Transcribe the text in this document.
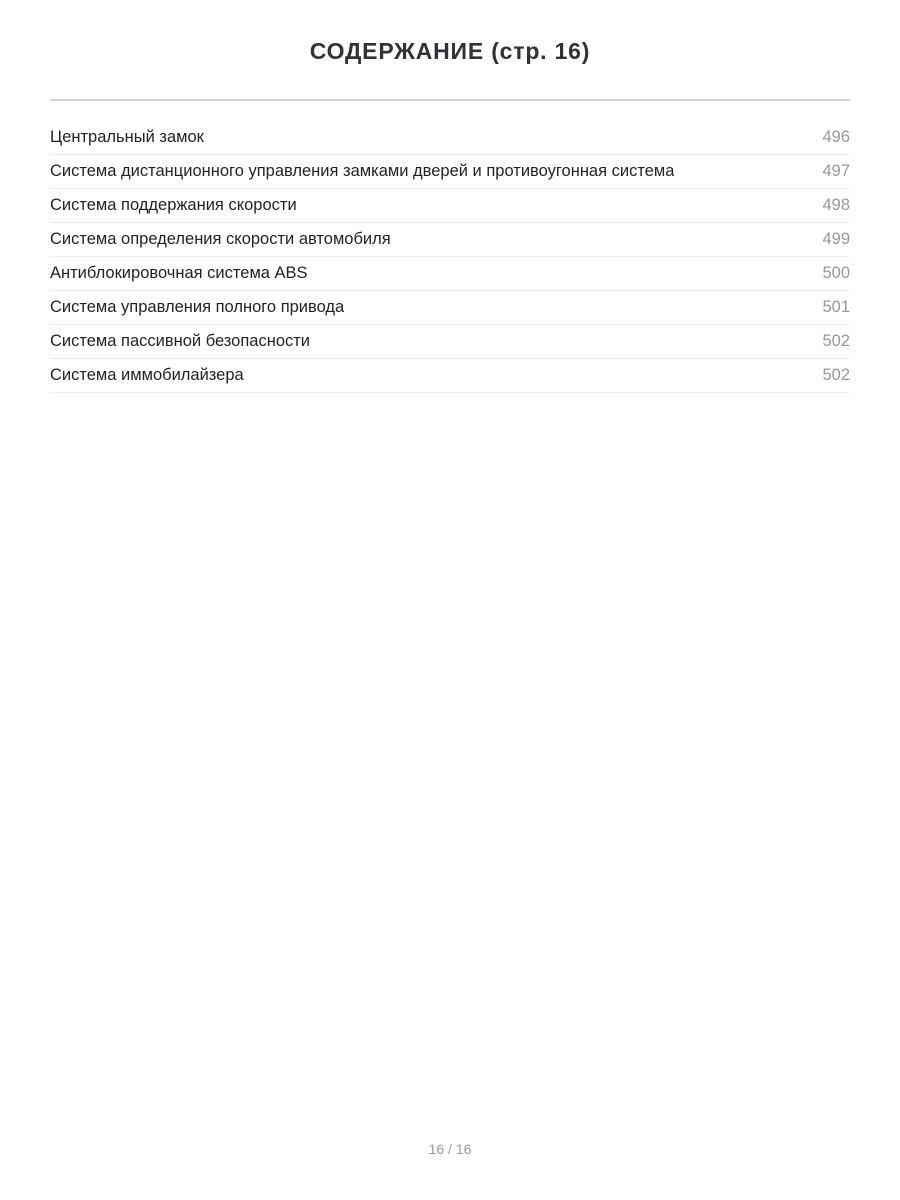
СОДЕРЖАНИЕ (стр. 16)
Центральный замок	496
Система дистанционного управления замками дверей и противоугонная система	497
Система поддержания скорости	498
Система определения скорости автомобиля	499
Антиблокировочная система ABS	500
Система управления полного привода	501
Система пассивной безопасности	502
Система иммобилайзера	502
16 / 16
